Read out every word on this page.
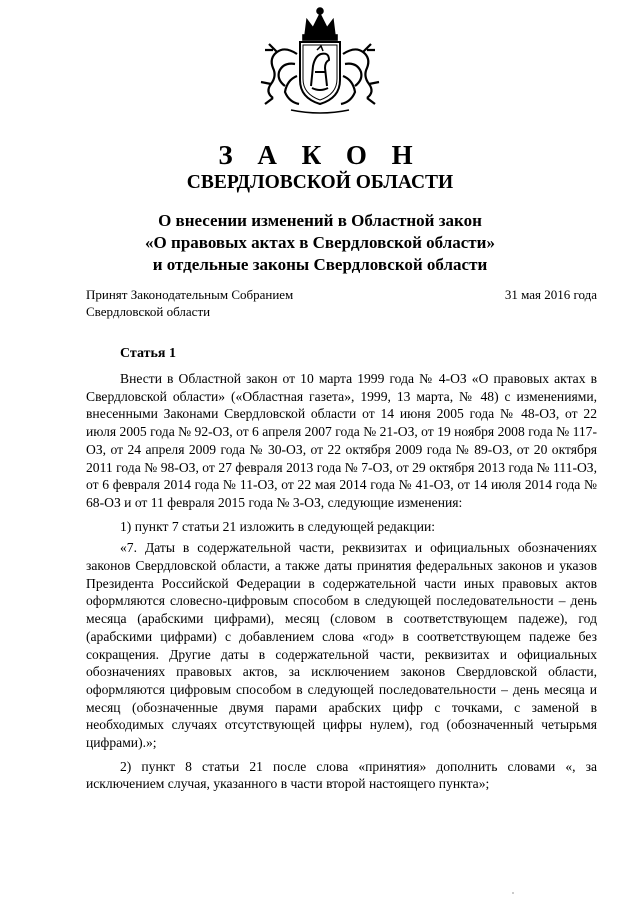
З А К О Н
СВЕРДЛОВСКОЙ ОБЛАСТИ
О внесении изменений в Областной закон
«О правовых актах в Свердловской области»
и отдельные законы Свердловской области
Принят Законодательным Собранием
Свердловской области
31 мая 2016 года
Статья 1

Внести в Областной закон от 10 марта 1999 года № 4-ОЗ «О правовых актах в Свердловской области» («Областная газета», 1999, 13 марта, № 48) с изменениями, внесенными Законами Свердловской области от 14 июня 2005 года № 48-ОЗ, от 22 июля 2005 года № 92-ОЗ, от 6 апреля 2007 года № 21-ОЗ, от 19 ноября 2008 года № 117-ОЗ, от 24 апреля 2009 года № 30-ОЗ, от 22 октября 2009 года № 89-ОЗ, от 20 октября 2011 года № 98-ОЗ, от 27 февраля 2013 года № 7-ОЗ, от 29 октября 2013 года № 111-ОЗ, от 6 февраля 2014 года № 11-ОЗ, от 22 мая 2014 года № 41-ОЗ, от 14 июля 2014 года № 68-ОЗ и от 11 февраля 2015 года № 3-ОЗ, следующие изменения:

1) пункт 7 статьи 21 изложить в следующей редакции:

«7. Даты в содержательной части, реквизитах и официальных обозначениях законов Свердловской области, а также даты принятия федеральных законов и указов Президента Российской Федерации в содержательной части иных правовых актов оформляются словесно-цифровым способом в следующей последовательности – день месяца (арабскими цифрами), месяц (словом в соответствующем падеже), год (арабскими цифрами) с добавлением слова «год» в соответствующем падеже без сокращения. Другие даты в содержательной части, реквизитах и официальных обозначениях правовых актов, за исключением законов Свердловской области, оформляются цифровым способом в следующей последовательности – день месяца и месяц (обозначенные двумя парами арабских цифр с точками, с заменой в необходимых случаях отсутствующей цифры нулем), год (обозначенный четырьмя цифрами).»;

2) пункт 8 статьи 21 после слова «принятия» дополнить словами «, за исключением случая, указанного в части второй настоящего пункта»;
